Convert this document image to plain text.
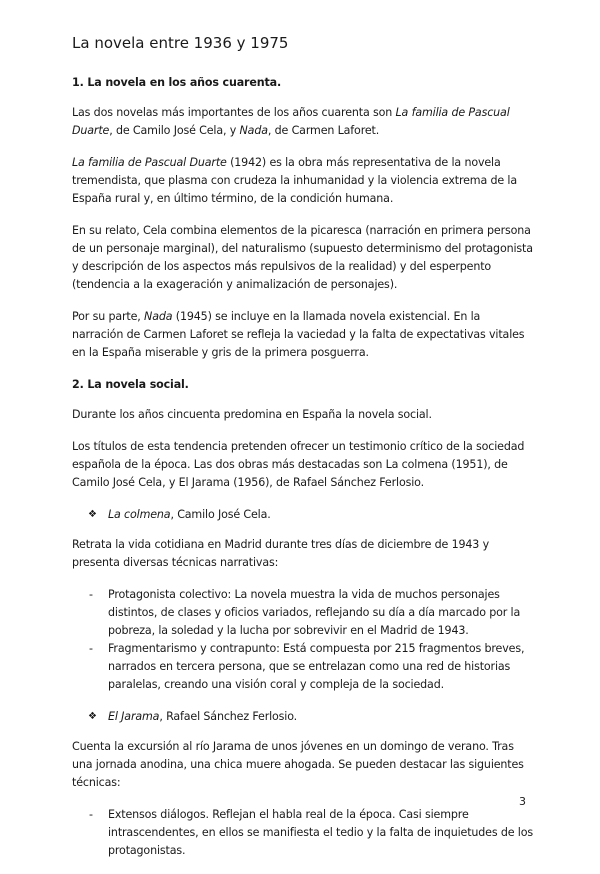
La novela entre 1936 y 1975

1. La novela en los años cuarenta.

Las dos novelas más importantes de los años cuarenta son La familia de Pascual Duarte, de Camilo José Cela, y Nada, de Carmen Laforet.

La familia de Pascual Duarte (1942) es la obra más representativa de la novela tremendista, que plasma con crudeza la inhumanidad y la violencia extrema de la España rural y, en último término, de la condición humana.

En su relato, Cela combina elementos de la picaresca (narración en primera persona de un personaje marginal), del naturalismo (supuesto determinismo del protagonista y descripción de los aspectos más repulsivos de la realidad) y del esperpento (tendencia a la exageración y animalización de personajes).

Por su parte, Nada (1945) se incluye en la llamada novela existencial. En la narración de Carmen Laforet se refleja la vaciedad y la falta de expectativas vitales en la España miserable y gris de la primera posguerra.

2. La novela social.

Durante los años cincuenta predomina en España la novela social.

Los títulos de esta tendencia pretenden ofrecer un testimonio crítico de la sociedad española de la época. Las dos obras más destacadas son La colmena (1951), de Camilo José Cela, y El Jarama (1956), de Rafael Sánchez Ferlosio.

❖ La colmena, Camilo José Cela.

Retrata la vida cotidiana en Madrid durante tres días de diciembre de 1943 y presenta diversas técnicas narrativas:

- Protagonista colectivo: La novela muestra la vida de muchos personajes distintos, de clases y oficios variados, reflejando su día a día marcado por la pobreza, la soledad y la lucha por sobrevivir en el Madrid de 1943.
- Fragmentarismo y contrapunto: Está compuesta por 215 fragmentos breves, narrados en tercera persona, que se entrelazan como una red de historias paralelas, creando una visión coral y compleja de la sociedad.

❖ El Jarama, Rafael Sánchez Ferlosio.

Cuenta la excursión al río Jarama de unos jóvenes en un domingo de verano. Tras una jornada anodina, una chica muere ahogada. Se pueden destacar las siguientes técnicas:

- Extensos diálogos. Reflejan el habla real de la época. Casi siempre intrascendentes, en ellos se manifiesta el tedio y la falta de inquietudes de los protagonistas.
3
